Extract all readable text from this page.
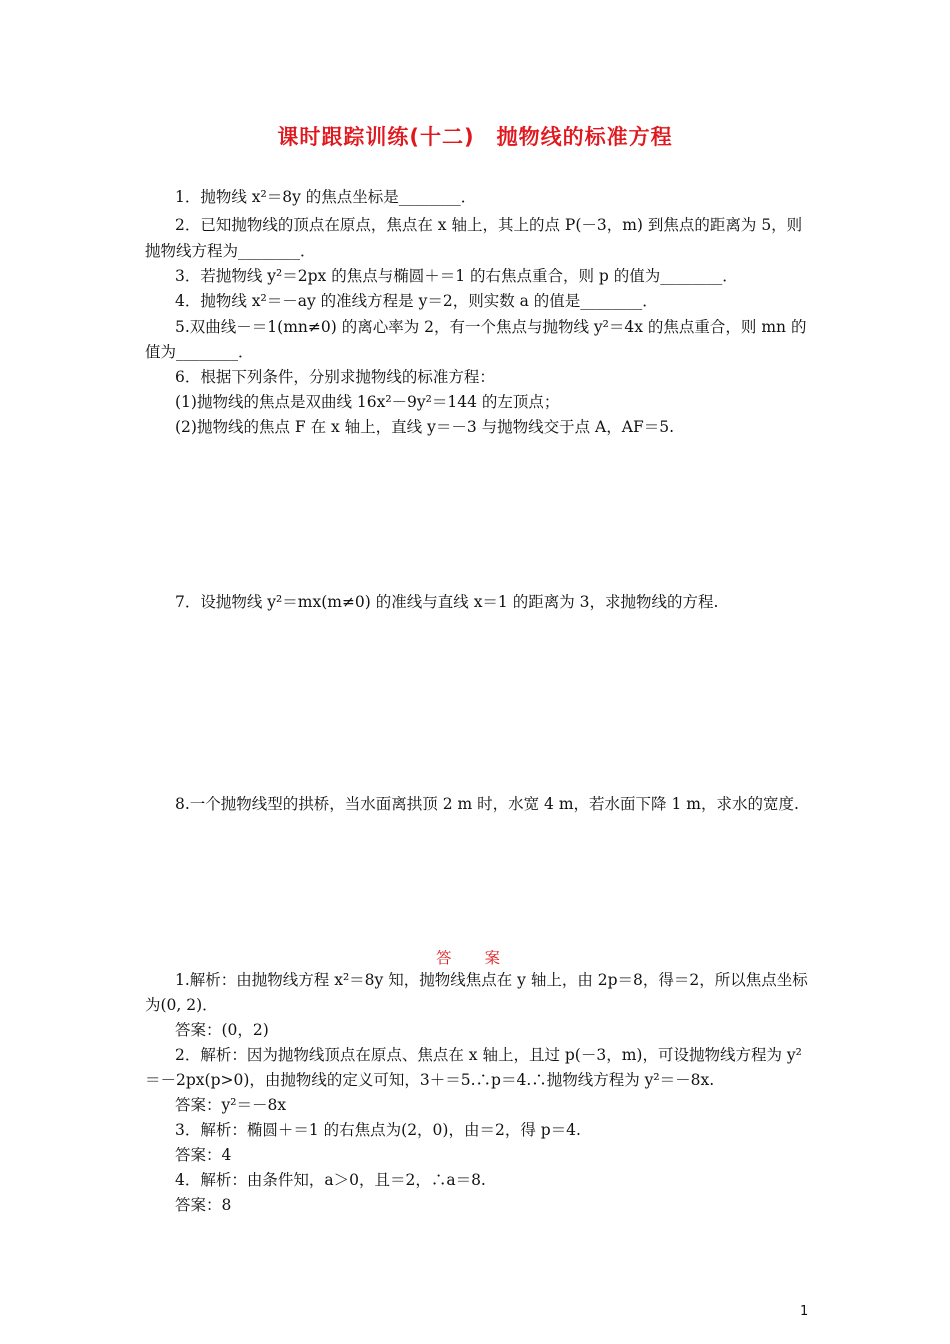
课时跟踪训练(十二)　抛物线的标准方程
1．抛物线 x²＝8y 的焦点坐标是________．
2．已知抛物线的顶点在原点，焦点在 x 轴上，其上的点 P(－3，m) 到焦点的距离为 5，则
抛物线方程为________．
3．若抛物线 y²＝2px 的焦点与椭圆＋＝1 的右焦点重合，则 p 的值为________．
4．抛物线 x²＝－ay 的准线方程是 y＝2，则实数 a 的值是________．
5.双曲线－＝1(mn≠0) 的离心率为 2，有一个焦点与抛物线 y²＝4x 的焦点重合，则 mn 的
值为________．
6．根据下列条件，分别求抛物线的标准方程：
(1)抛物线的焦点是双曲线 16x²－9y²＝144 的左顶点；
(2)抛物线的焦点 F 在 x 轴上，直线 y＝－3 与抛物线交于点 A，AF＝5.
7．设抛物线 y²＝mx(m≠0) 的准线与直线 x＝1 的距离为 3，求抛物线的方程.
8.一个抛物线型的拱桥，当水面离拱顶 2 m 时，水宽 4 m，若水面下降 1 m，求水的宽度.
答 案
1.解析：由抛物线方程 x²＝8y 知，抛物线焦点在 y 轴上，由 2p＝8，得＝2，所以焦点坐标
为(0, 2)．
答案：(0，2)
2．解析：因为抛物线顶点在原点、焦点在 x 轴上，且过 p(－3，m)，可设抛物线方程为 y²
＝－2px(p>0)，由抛物线的定义可知，3＋＝5.∴p＝4.∴抛物线方程为 y²＝－8x.
答案：y²＝－8x
3．解析：椭圆＋＝1 的右焦点为(2，0)，由＝2，得 p＝4.
答案：4
4．解析：由条件知，a＞0，且＝2，∴a＝8.
答案：8
1
